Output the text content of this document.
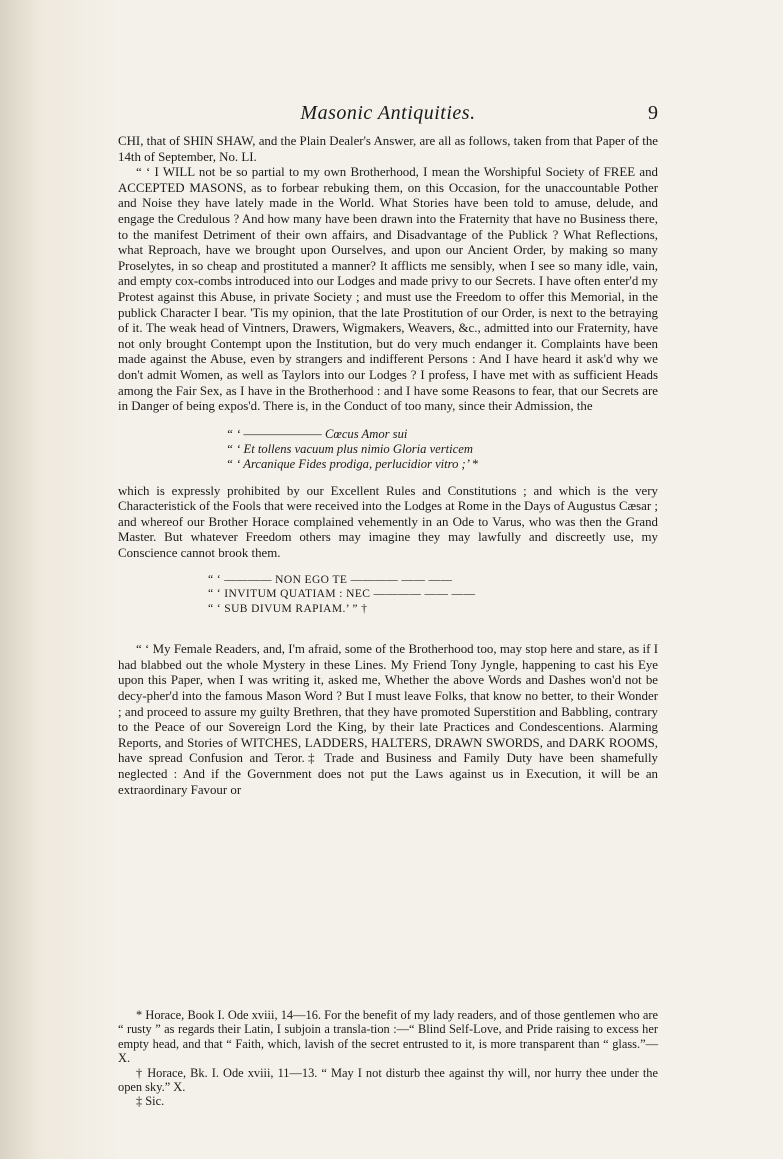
Masonic Antiquities.	9

CHI, that of SHIN SHAW, and the Plain Dealer's Answer, are all as follows, taken from that Paper of the 14th of September, No. LI.

“ ‘ I WILL not be so partial to my own Brotherhood, I mean the Worshipful Society of FREE and ACCEPTED MASONS, as to forbear rebuking them, on this Occasion, for the unaccountable Pother and Noise they have lately made in the World. What Stories have been told to amuse, delude, and engage the Credulous ? And how many have been drawn into the Fraternity that have no Business there, to the manifest Detriment of their own affairs, and Disadvantage of the Publick ? What Reflections, what Reproach, have we brought upon Ourselves, and upon our Ancient Order, by making so many Proselytes, in so cheap and prostituted a manner? It afflicts me sensibly, when I see so many idle, vain, and empty cox-combs introduced into our Lodges and made privy to our Secrets. I have often enter'd my Protest against this Abuse, in private Society ; and must use the Freedom to offer this Memorial, in the publick Character I bear. 'Tis my opinion, that the late Prostitution of our Order, is next to the betraying of it. The weak head of Vintners, Drawers, Wigmakers, Weavers, &c., admitted into our Fraternity, have not only brought Contempt upon the Institution, but do very much endanger it. Complaints have been made against the Abuse, even by strangers and indifferent Persons : And I have heard it ask'd why we don't admit Women, as well as Taylors into our Lodges ? I profess, I have met with as sufficient Heads among the Fair Sex, as I have in the Brotherhood : and I have some Reasons to fear, that our Secrets are in Danger of being expos'd. There is, in the Conduct of too many, since their Admission, the

“ ‘ ——————— Cœcus Amor sui
“ ‘ Et tollens vacuum plus nimio Gloria verticem
“ ‘ Arcanique Fides prodiga, perlucidior vitro ;’ *

which is expressly prohibited by our Excellent Rules and Constitutions ; and which is the very Characteristick of the Fools that were received into the Lodges at Rome in the Days of Augustus Cæsar ; and whereof our Brother Horace complained vehemently in an Ode to Varus, who was then the Grand Master. But whatever Freedom others may imagine they may lawfully and discreetly use, my Conscience cannot brook them.

“ ‘ ———— NON EGO TE ———— —— ——
“ ‘ INVITUM QUATIAM : NEC ———— —— ——
“ ‘ SUB DIVUM RAPIAM.’ ” †

“ ‘ My Female Readers, and, I'm afraid, some of the Brotherhood too, may stop here and stare, as if I had blabbed out the whole Mystery in these Lines. My Friend Tony Jyngle, happening to cast his Eye upon this Paper, when I was writing it, asked me, Whether the above Words and Dashes won'd not be decy-pher'd into the famous Mason Word ? But I must leave Folks, that know no better, to their Wonder ; and proceed to assure my guilty Brethren, that they have promoted Superstition and Babbling, contrary to the Peace of our Sovereign Lord the King, by their late Practices and Condescentions. Alarming Reports, and Stories of WITCHES, LADDERS, HALTERS, DRAWN SWORDS, and DARK ROOMS, have spread Confusion and Teror.‡ Trade and Business and Family Duty have been shamefully neglected : And if the Government does not put the Laws against us in Execution, it will be an extraordinary Favour or

* Horace, Book I. Ode xviii, 14—16. For the benefit of my lady readers, and of those gentlemen who are “ rusty ” as regards their Latin, I subjoin a transla-tion :—“ Blind Self-Love, and Pride raising to excess her empty head, and that “ Faith, which, lavish of the secret entrusted to it, is more transparent than “ glass.”—X.

† Horace, Bk. I. Ode xviii, 11—13. “ May I not disturb thee against thy will, nor hurry thee under the open sky.” X.

‡ Sic.
